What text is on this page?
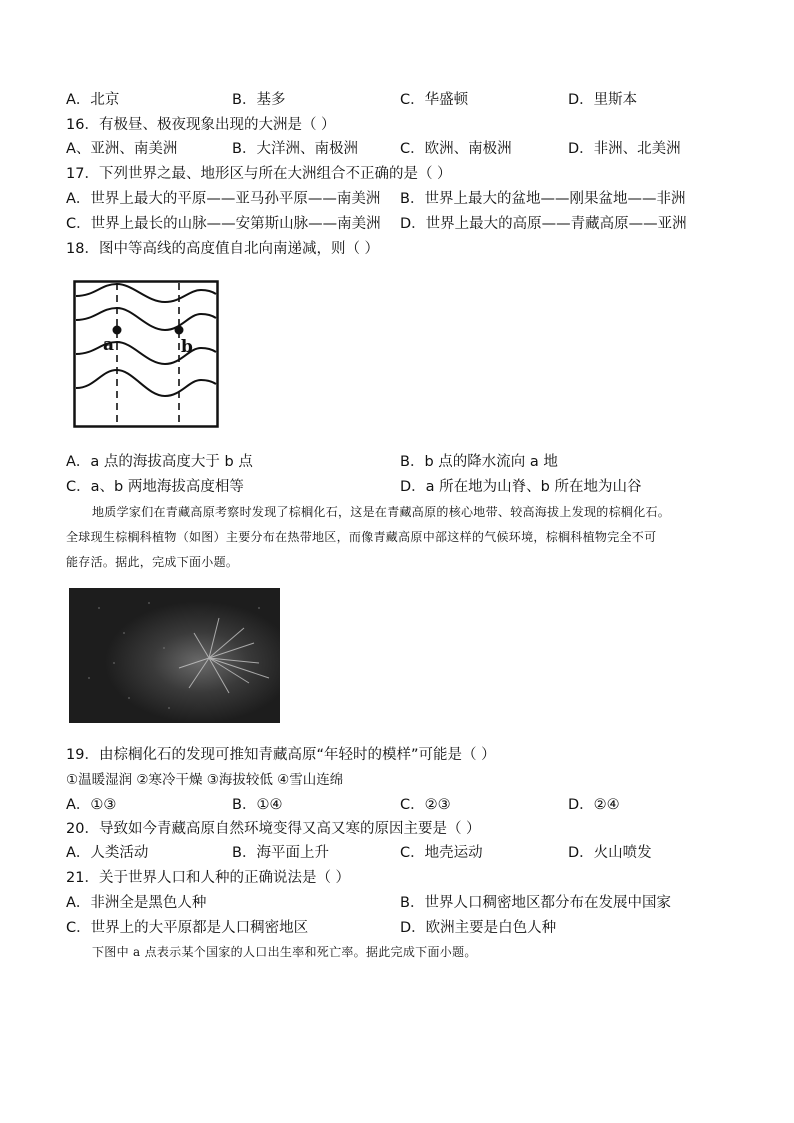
A．北京	B．基多	C．华盛顿	D．里斯本
16．有极昼、极夜现象出现的大洲是（ ）
A、亚洲、南美洲	B．大洋洲、南极洲	C．欧洲、南极洲	D．非洲、北美洲
17．下列世界之最、地形区与所在大洲组合不正确的是（ ）
A．世界上最大的平原——亚马孙平原——南美洲 B．世界上最大的盆地——刚果盆地——非洲
C．世界上最长的山脉——安第斯山脉——南美洲 D．世界上最大的高原——青藏高原——亚洲
18．图中等高线的高度值自北向南递减，则（ ）
a	b
A．a 点的海拔高度大于 b 点	B．b 点的降水流向 a 地
C．a、b 两地海拔高度相等	D．a 所在地为山脊、b 所在地为山谷
地质学家们在青藏高原考察时发现了棕榈化石，这是在青藏高原的核心地带、较高海拔上发现的棕榈化石。
全球现生棕榈科植物（如图）主要分布在热带地区，而像青藏高原中部这样的气候环境，棕榈科植物完全不可
能存活。据此，完成下面小题。
19．由棕榈化石的发现可推知青藏高原“年轻时的模样”可能是（ ）
①温暖湿润 ②寒冷干燥 ③海拔较低 ④雪山连绵
A．①③	B．①④	C．②③	D．②④
20．导致如今青藏高原自然环境变得又高又寒的原因主要是（ ）
A．人类活动	B．海平面上升	C．地壳运动	D．火山喷发
21．关于世界人口和人种的正确说法是（ ）
A．非洲全是黑色人种	B．世界人口稠密地区都分布在发展中国家
C．世界上的大平原都是人口稠密地区	D．欧洲主要是白色人种
下图中 a 点表示某个国家的人口出生率和死亡率。据此完成下面小题。
